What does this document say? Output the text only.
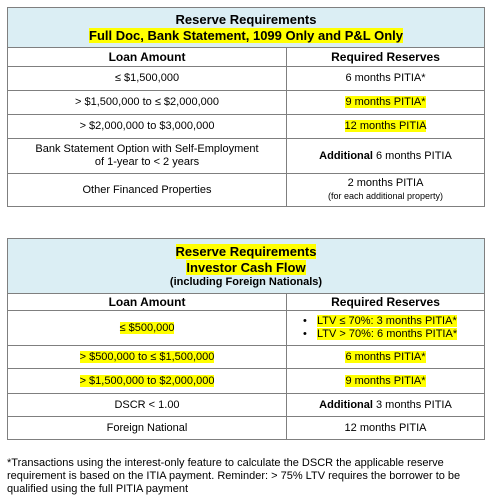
Reserve Requirements
Full Doc, Bank Statement, 1099 Only and P&L Only	

Loan Amount	Required Reserves
≤ $1,500,000	6 months PITIA*
> $1,500,000 to ≤ $2,000,000	9 months PITIA*
> $2,000,000 to $3,000,000	12 months PITIA

Bank Statement Option with Self-Employment
of 1-year to < 2 years	Additional 6 months PITIA
Other Financed Properties	2 months PITIA
(for each additional property)
Reserve Requirements
Investor Cash Flow
(including Foreign Nationals)	

Loan Amount	Required Reserves
≤ $500,000	• LTV ≤ 70%: 3 months PITIA*
• LTV > 70%: 6 months PITIA*

> $500,000 to ≤ $1,500,000	6 months PITIA*
> $1,500,000 to $2,000,000	9 months PITIA*
DSCR < 1.00	Additional 3 months PITIA
Foreign National	12 months PITIA
*Transactions using the interest-only feature to calculate the DSCR the applicable reserve requirement is based on the ITIA payment. Reminder: > 75% LTV requires the borrower to be qualified using the full PITIA payment
